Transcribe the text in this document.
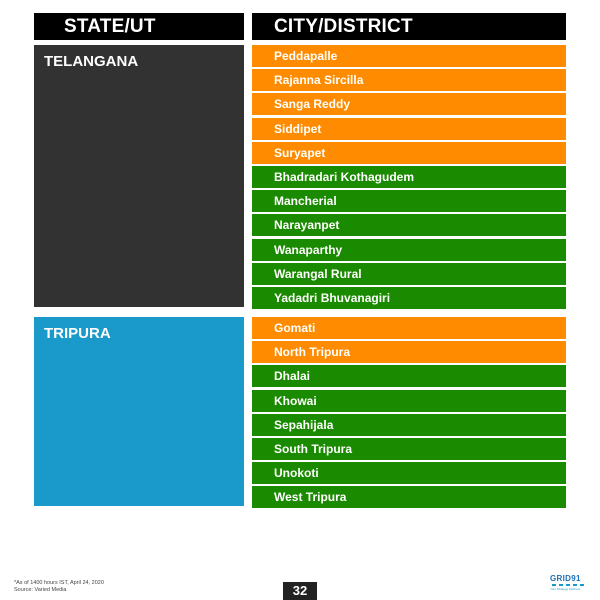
STATE/UT	CITY/DISTRICT
TELANGANA	Peddapalle
Rajanna Sircilla
Sanga Reddy
Siddipet
Suryapet
Bhadradari Kothagudem
Mancherial
Narayanpet
Wanaparthy
Warangal Rural
Yadadri Bhuvanagiri
TRIPURA	Gomati
North Tripura
Dhalai
Khowai
Sepahijala
South Tripura
Unokoti
West Tripura
*As of 1400 hours IST, April 24, 2020
Source: Varied Media	32
GRID91
Your Strategy Partners
